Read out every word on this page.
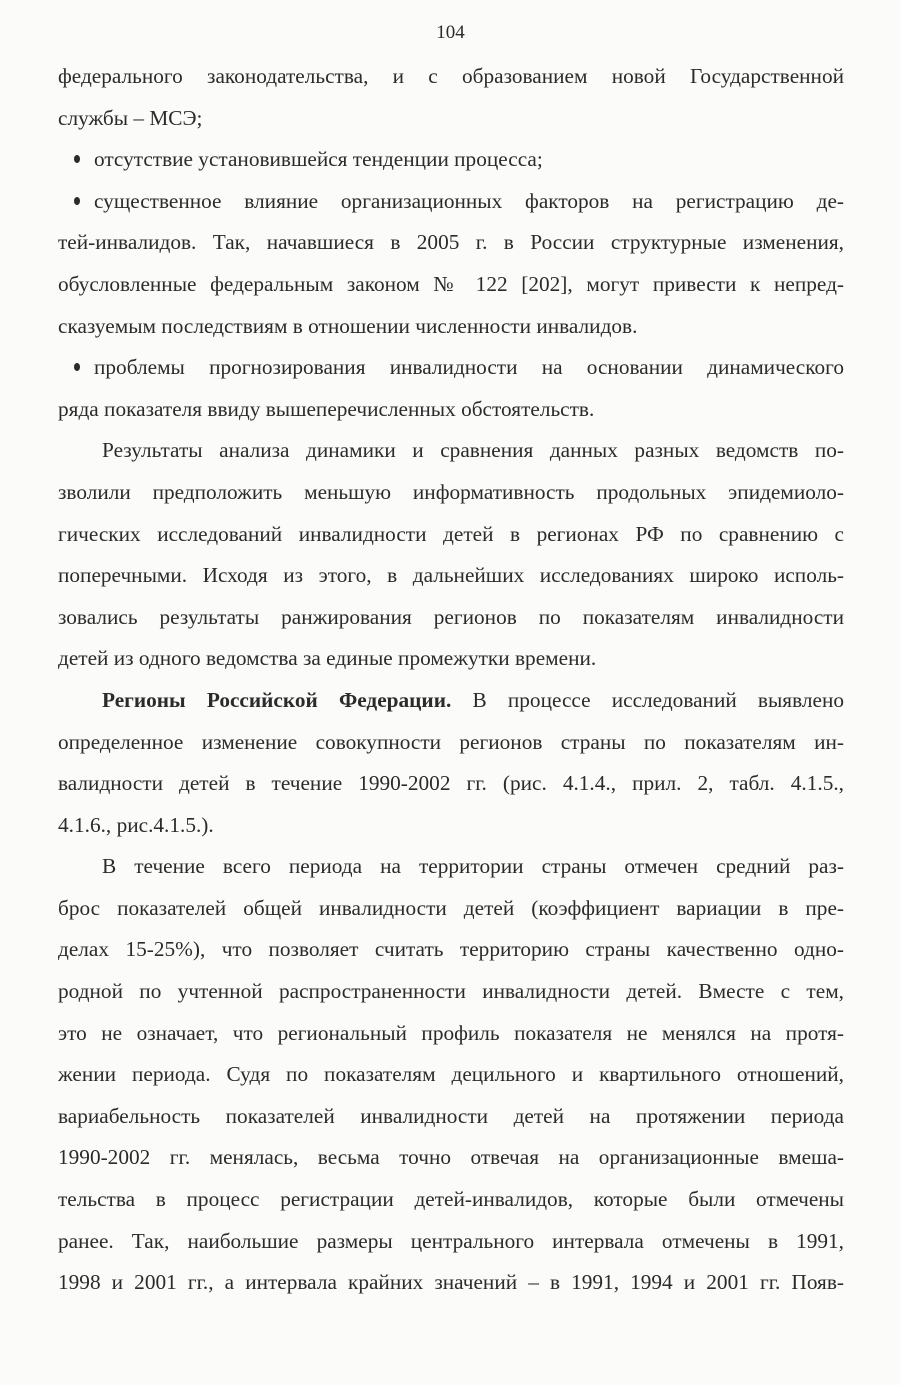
104
федерального законодательства, и с образованием новой Государственной
службы – МСЭ;
отсутствие установившейся тенденции процесса;
существенное влияние организационных факторов на регистрацию де-
тей-инвалидов. Так, начавшиеся в 2005 г. в России структурные изменения,
обусловленные федеральным законом № 122 [202], могут привести к непред-
сказуемым последствиям в отношении численности инвалидов.
проблемы прогнозирования инвалидности на основании динамического
ряда показателя ввиду вышеперечисленных обстоятельств.
Результаты анализа динамики и сравнения данных разных ведомств по-
зволили предположить меньшую информативность продольных эпидемиоло-
гических исследований инвалидности детей в регионах РФ по сравнению с
поперечными. Исходя из этого, в дальнейших исследованиях широко исполь-
зовались результаты ранжирования регионов по показателям инвалидности
детей из одного ведомства за единые промежутки времени.
Регионы Российской Федерации. В процессе исследований выявлено
определенное изменение совокупности регионов страны по показателям ин-
валидности детей в течение 1990-2002 гг. (рис. 4.1.4., прил. 2, табл. 4.1.5.,
4.1.6., рис.4.1.5.).
В течение всего периода на территории страны отмечен средний раз-
брос показателей общей инвалидности детей (коэффициент вариации в пре-
делах 15-25%), что позволяет считать территорию страны качественно одно-
родной по учтенной распространенности инвалидности детей. Вместе с тем,
это не означает, что региональный профиль показателя не менялся на протя-
жении периода. Судя по показателям децильного и квартильного отношений,
вариабельность показателей инвалидности детей на протяжении периода
1990-2002 гг. менялась, весьма точно отвечая на организационные вмеша-
тельства в процесс регистрации детей-инвалидов, которые были отмечены
ранее. Так, наибольшие размеры центрального интервала отмечены в 1991,
1998 и 2001 гг., а интервала крайних значений – в 1991, 1994 и 2001 гг. Появ-
